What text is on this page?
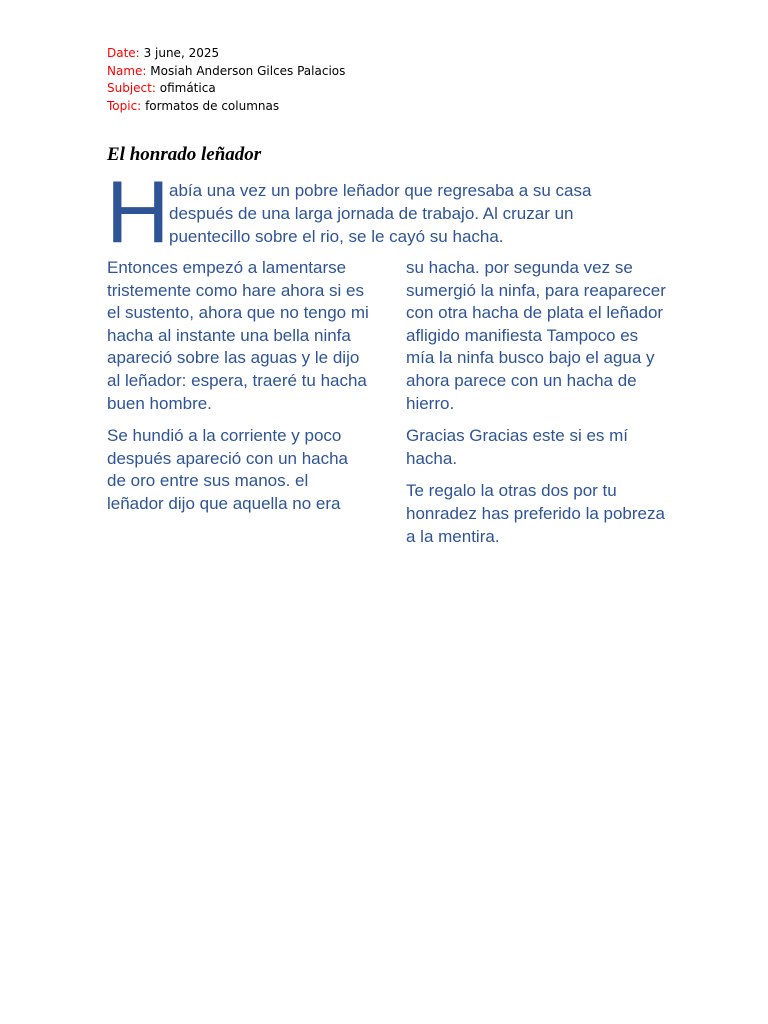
Date: 3 june, 2025
Name: Mosiah Anderson Gilces Palacios
Subject: ofimática
Topic: formatos de columnas
El honrado leñador
H abía una vez un pobre leñador que regresaba a su casa después de una larga jornada de trabajo. Al cruzar un puentecillo sobre el rio, se le cayó su hacha.

Entonces empezó a lamentarse tristemente como hare ahora si es el sustento, ahora que no tengo mi hacha al instante una bella ninfa apareció sobre las aguas y le dijo al leñador: espera, traeré tu hacha buen hombre.

Se hundió a la corriente y poco después apareció con un hacha de oro entre sus manos. el leñador dijo que aquella no era

su hacha. por segunda vez se sumergió la ninfa, para reaparecer con otra hacha de plata el leñador afligido manifiesta Tampoco es mía la ninfa busco bajo el agua y ahora parece con un hacha de hierro.

Gracias Gracias este si es mí hacha.

Te regalo la otras dos por tu honradez has preferido la pobreza a la mentira.
